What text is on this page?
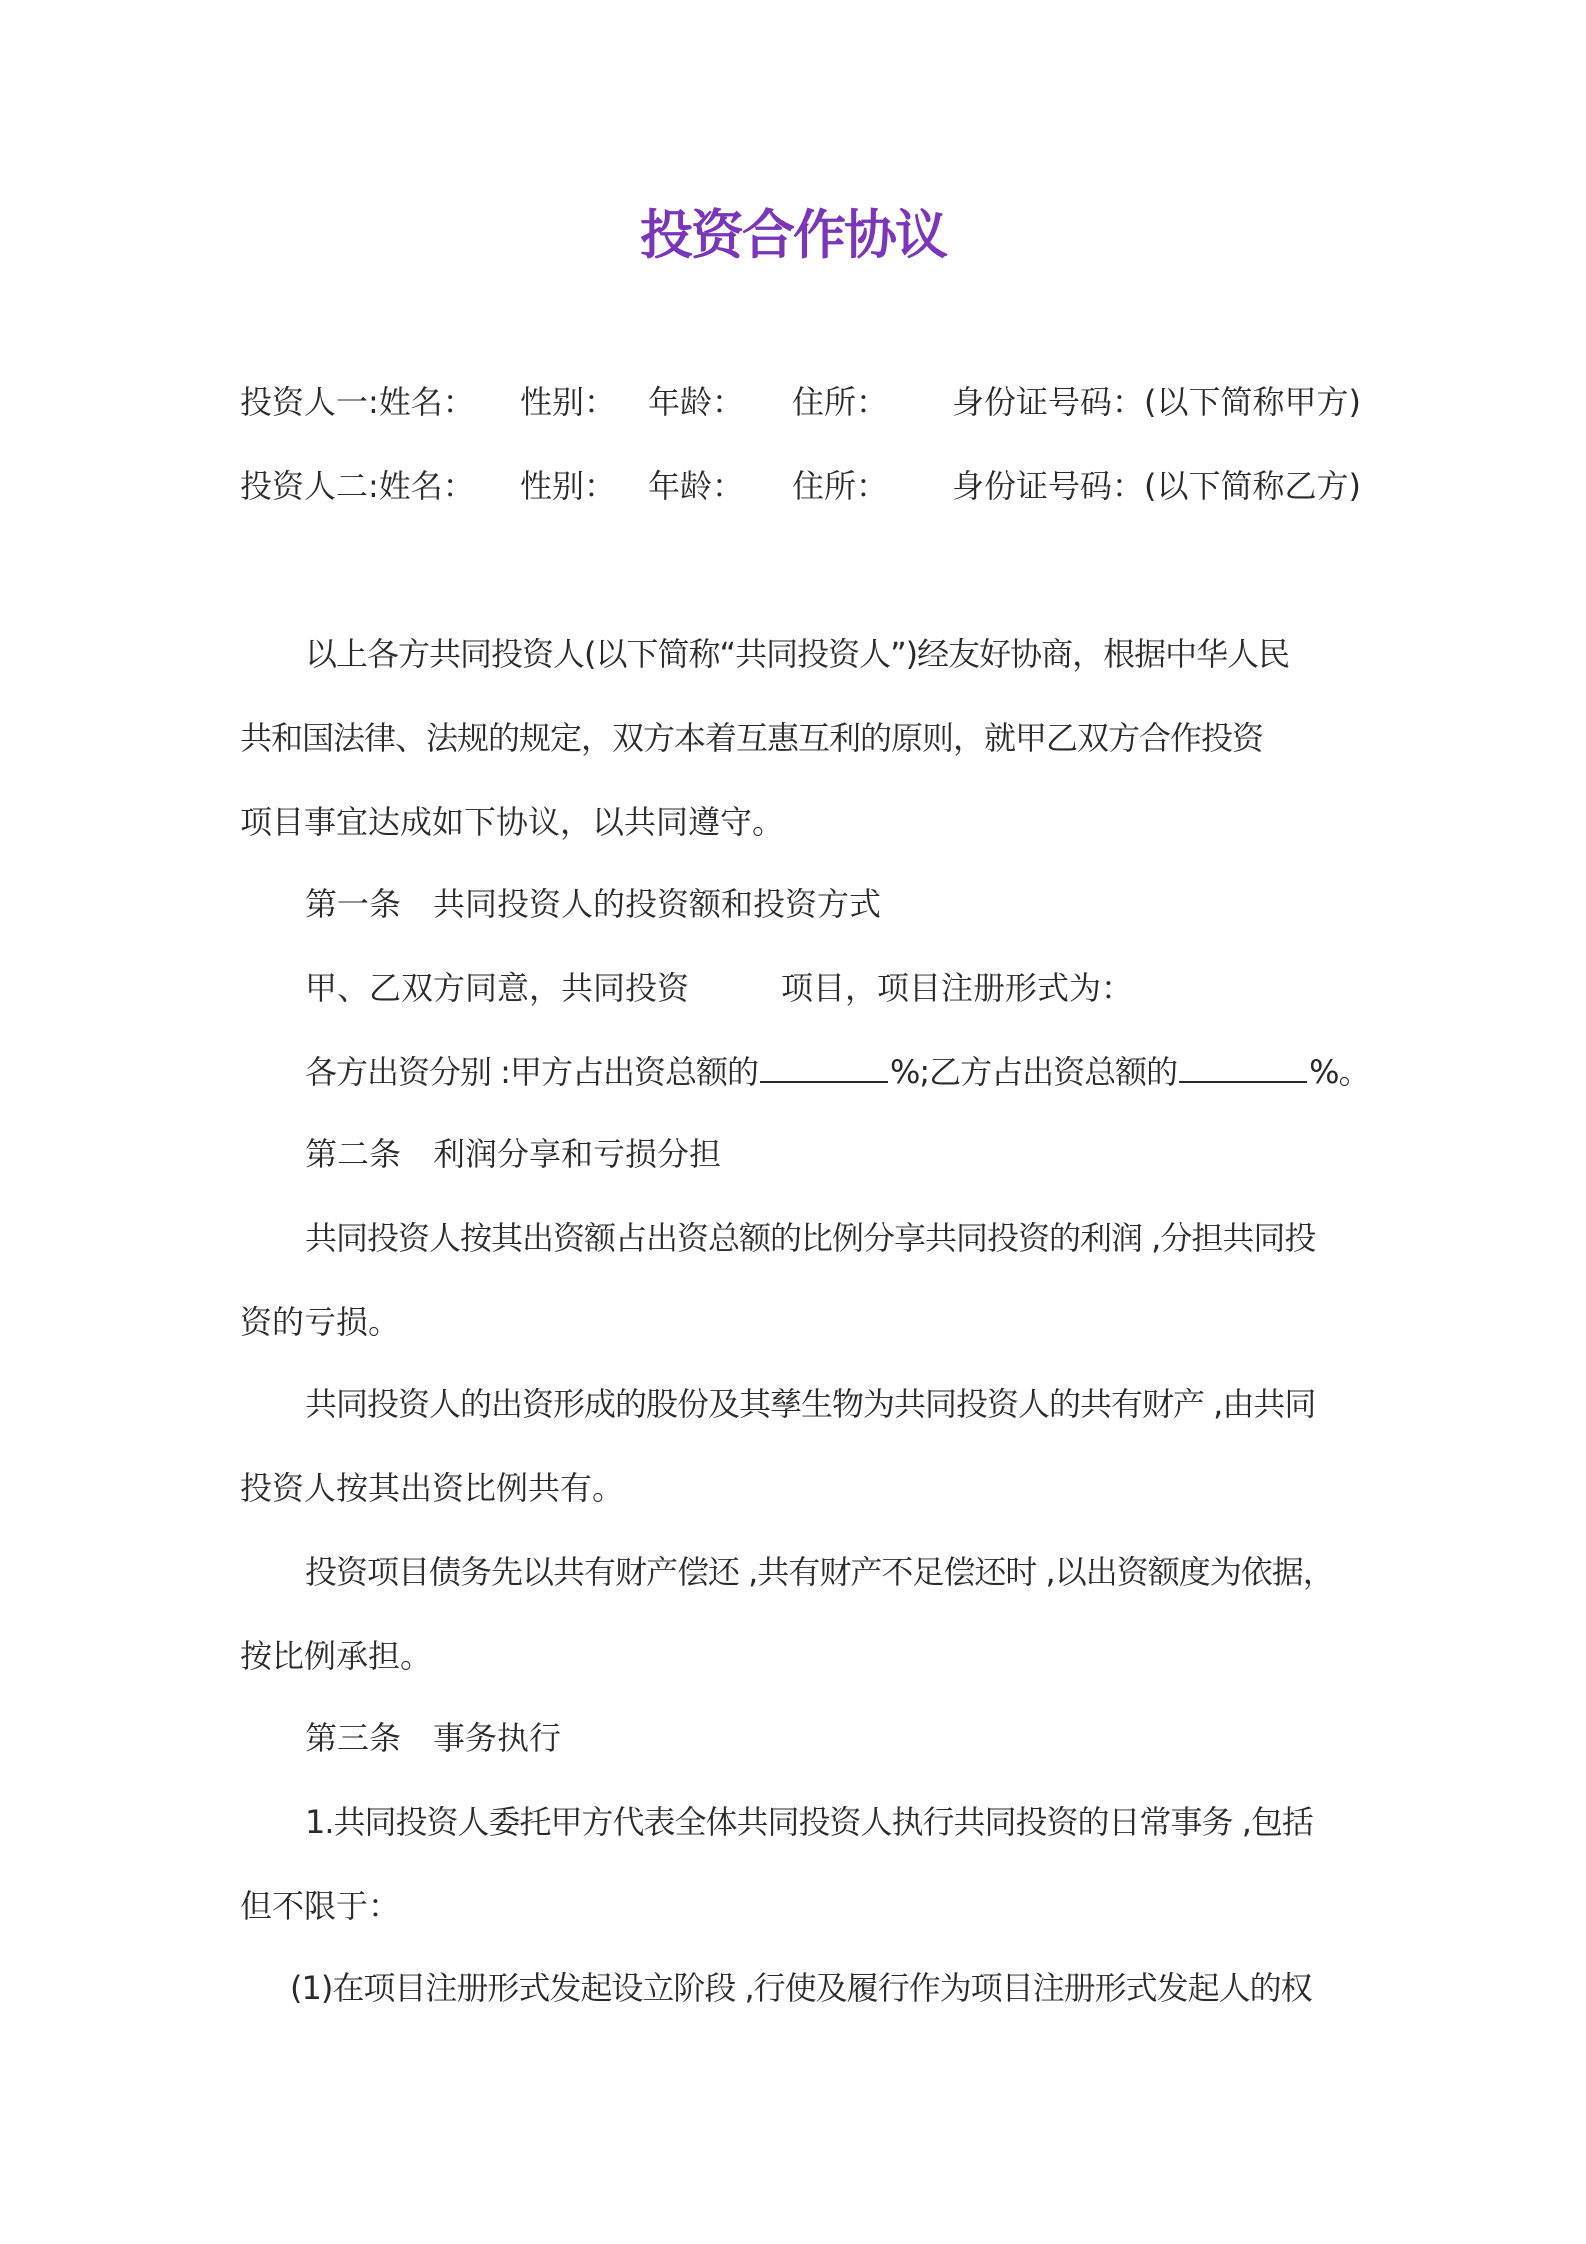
投资合作协议
投资人一:姓名： 性别： 年龄： 住所： 身份证号码：(以下简称甲方)
投资人二:姓名： 性别： 年龄： 住所： 身份证号码：(以下简称乙方)
以上各方共同投资人(以下简称“共同投资人”)经友好协商，根据中华人民
共和国法律、法规的规定，双方本着互惠互利的原则，就甲乙双方合作投资
项目事宜达成如下协议，以共同遵守。
第一条　共同投资人的投资额和投资方式
甲、乙双方同意，共同投资	项目，项目注册形式为：
各方出资分别 :甲方占出资总额的	%;乙方占出资总额的	%。
第二条　利润分享和亏损分担
共同投资人按其出资额占出资总额的比例分享共同投资的利润 ,分担共同投
资的亏损。
共同投资人的出资形成的股份及其孳生物为共同投资人的共有财产 ,由共同
投资人按其出资比例共有。
投资项目债务先以共有财产偿还 ,共有财产不足偿还时 ,以出资额度为依据，
按比例承担。
第三条　事务执行
1.共同投资人委托甲方代表全体共同投资人执行共同投资的日常事务 ,包括
但不限于：
(1)在项目注册形式发起设立阶段 ,行使及履行作为项目注册形式发起人的权
